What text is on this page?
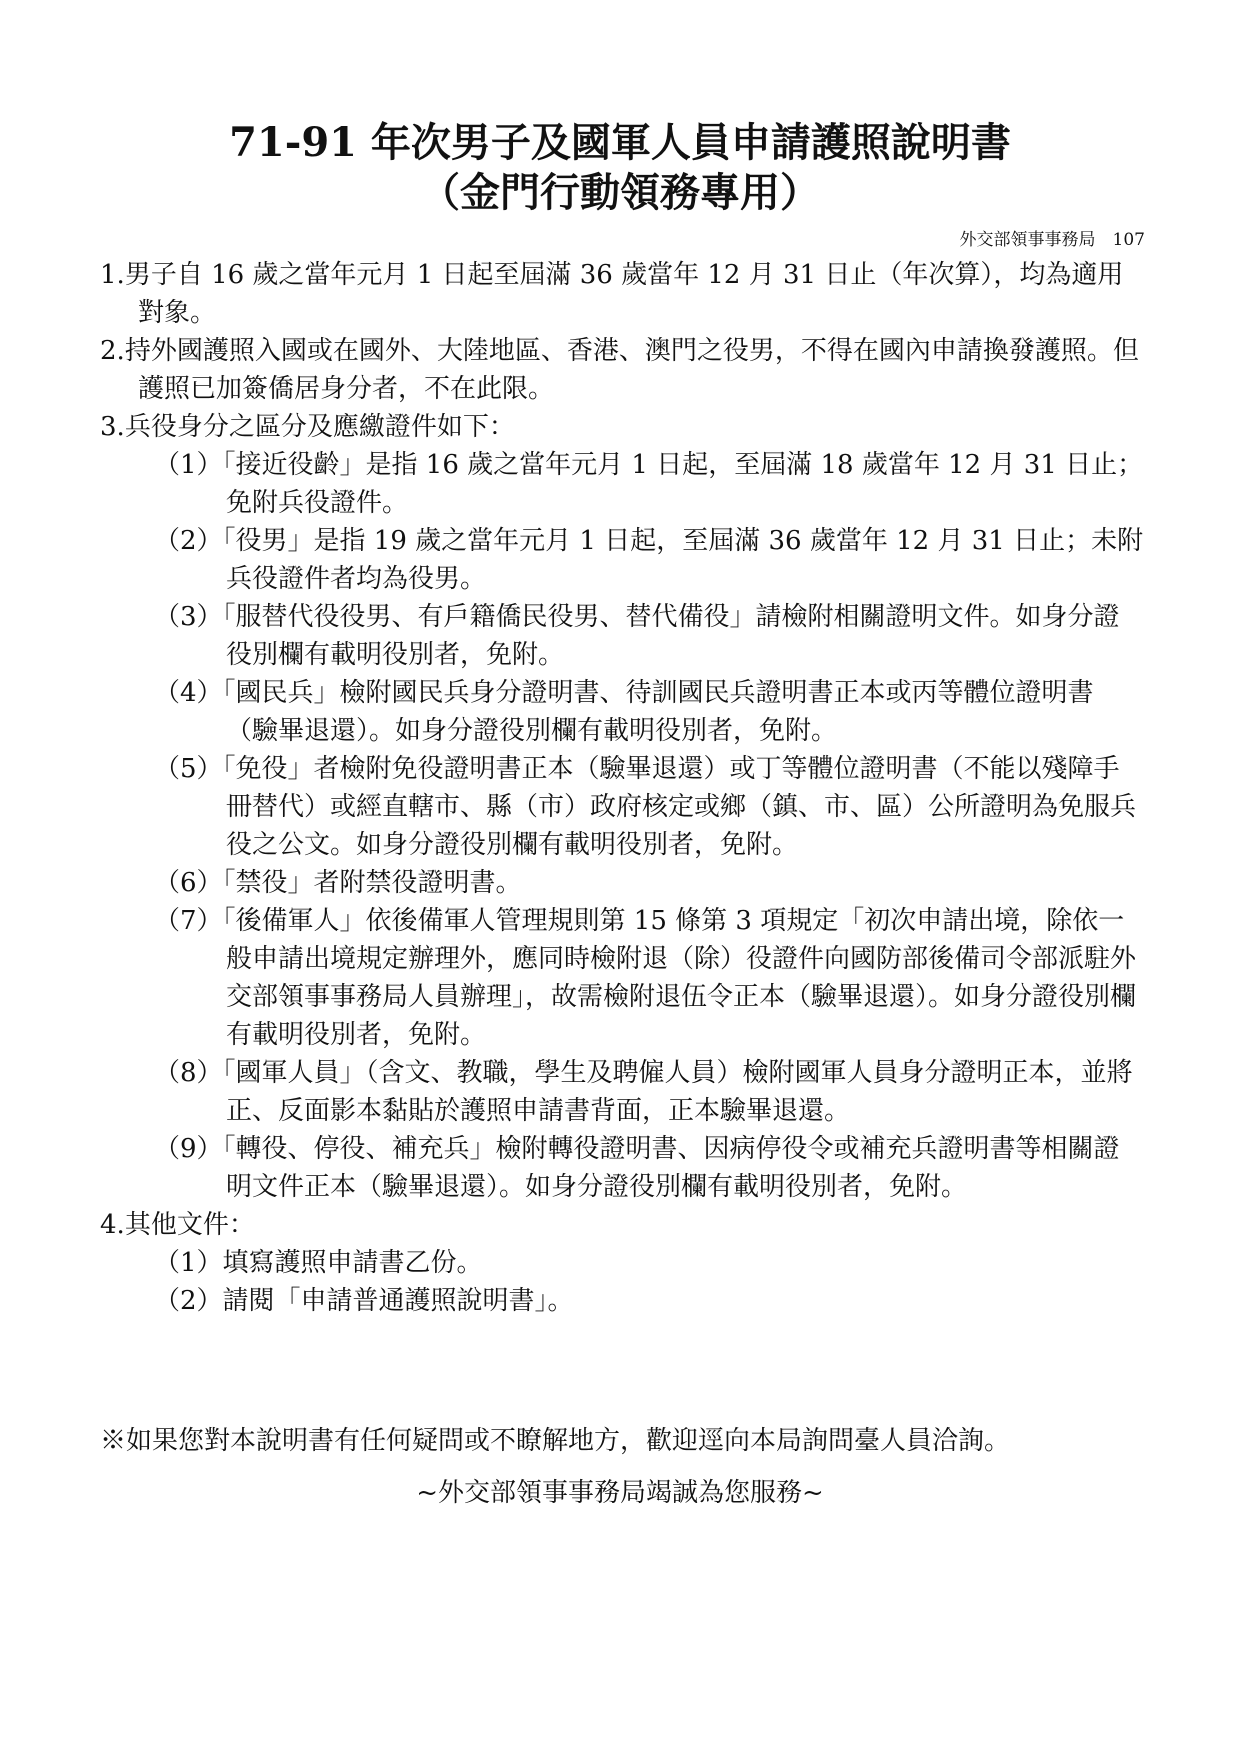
71-91 年次男子及國軍人員申請護照說明書
（金門行動領務專用）
外交部領事事務局　107

1.男子自 16 歲之當年元月 1 日起至屆滿 36 歲當年 12 月 31 日止（年次算），均為適用對象。

2.持外國護照入國或在國外、大陸地區、香港、澳門之役男，不得在國內申請換發護照。但護照已加簽僑居身分者，不在此限。

3.兵役身分之區分及應繳證件如下：

（1）「接近役齡」是指 16 歲之當年元月 1 日起，至屆滿 18 歲當年 12 月 31 日止；免附兵役證件。

（2）「役男」是指 19 歲之當年元月 1 日起，至屆滿 36 歲當年 12 月 31 日止；未附兵役證件者均為役男。

（3）「服替代役役男、有戶籍僑民役男、替代備役」請檢附相關證明文件。如身分證役別欄有載明役別者，免附。

（4）「國民兵」檢附國民兵身分證明書、待訓國民兵證明書正本或丙等體位證明書（驗畢退還）。如身分證役別欄有載明役別者，免附。

（5）「免役」者檢附免役證明書正本（驗畢退還）或丁等體位證明書（不能以殘障手冊替代）或經直轄市、縣（市）政府核定或鄉（鎮、市、區）公所證明為免服兵役之公文。如身分證役別欄有載明役別者，免附。

（6）「禁役」者附禁役證明書。

（7）「後備軍人」依後備軍人管理規則第 15 條第 3 項規定「初次申請出境，除依一般申請出境規定辦理外，應同時檢附退（除）役證件向國防部後備司令部派駐外交部領事事務局人員辦理」，故需檢附退伍令正本（驗畢退還）。如身分證役別欄有載明役別者，免附。

（8）「國軍人員」（含文、教職，學生及聘僱人員）檢附國軍人員身分證明正本，並將正、反面影本黏貼於護照申請書背面，正本驗畢退還。

（9）「轉役、停役、補充兵」檢附轉役證明書、因病停役令或補充兵證明書等相關證明文件正本（驗畢退還）。如身分證役別欄有載明役別者，免附。

4.其他文件：

（1）填寫護照申請書乙份。

（2）請閱「申請普通護照說明書」。

※如果您對本說明書有任何疑問或不瞭解地方，歡迎逕向本局詢問臺人員洽詢。
~外交部領事事務局竭誠為您服務~
